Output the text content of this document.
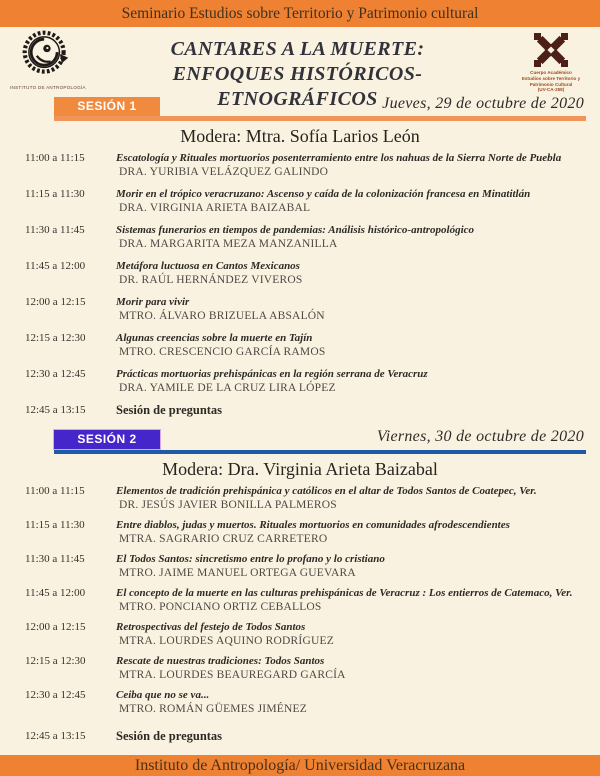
Seminario Estudios sobre Territorio y Patrimonio cultural
INSTITUTO DE ANTROPOLOGÍA
CANTARES A LA MUERTE:
ENFOQUES HISTÓRICOS-ETNOGRÁFICOS
Cuerpo Académico
Estudios sobre Territorio y
Patrimonio Cultural
(UV-CA-258)
SESIÓN 1	Jueves, 29 de octubre de 2020
Modera: Mtra. Sofía Larios León
11:00 a 11:15	Escatología y Rituales mortuorios posenterramiento entre los nahuas de la Sierra Norte de Puebla
DRA. YURIBIA VELÁZQUEZ GALINDO
11:15 a 11:30	Morir en el trópico veracruzano: Ascenso y caída de la colonización francesa en Minatitlán
DRA. VIRGINIA ARIETA BAIZABAL
11:30 a 11:45	Sistemas funerarios en tiempos de pandemias: Análisis histórico-antropológico
DRA. MARGARITA MEZA MANZANILLA
11:45 a 12:00	Metáfora luctuosa en Cantos Mexicanos
DR. RAÚL HERNÁNDEZ VIVEROS
12:00 a 12:15	Morir para vivir
MTRO. ÁLVARO BRIZUELA ABSALÓN
12:15 a 12:30	Algunas creencias sobre la muerte en Tajín
MTRO. CRESCENCIO GARCÍA RAMOS
12:30 a 12:45	Prácticas mortuorias prehispánicas en la región serrana de Veracruz
DRA. YAMILE DE LA CRUZ LIRA LÓPEZ
12:45 a 13:15	Sesión de preguntas
SESIÓN 2	Viernes, 30 de octubre de 2020
Modera: Dra. Virginia Arieta Baizabal
11:00 a 11:15	Elementos de tradición prehispánica y católicos en el altar de Todos Santos de Coatepec, Ver.
DR. JESÚS JAVIER BONILLA PALMEROS
11:15 a 11:30	Entre diablos, judas y muertos. Rituales mortuorios en comunidades afrodescendientes
MTRA. SAGRARIO CRUZ CARRETERO
11:30 a 11:45	El Todos Santos: sincretismo entre lo profano y lo cristiano
MTRO. JAIME MANUEL ORTEGA GUEVARA
11:45 a 12:00	El concepto de la muerte en las culturas prehispánicas de Veracruz : Los entierros de Catemaco, Ver.
MTRO. PONCIANO ORTIZ CEBALLOS
12:00 a 12:15	Retrospectivas del festejo de Todos Santos
MTRA. LOURDES AQUINO RODRÍGUEZ
12:15 a 12:30	Rescate de nuestras tradiciones: Todos Santos
MTRA. LOURDES BEAUREGARD GARCÍA
12:30 a 12:45	Ceiba que no se va...
MTRO. ROMÁN GÜEMES JIMÉNEZ
12:45 a 13:15	Sesión de preguntas
Instituto de Antropología/ Universidad Veracruzana
